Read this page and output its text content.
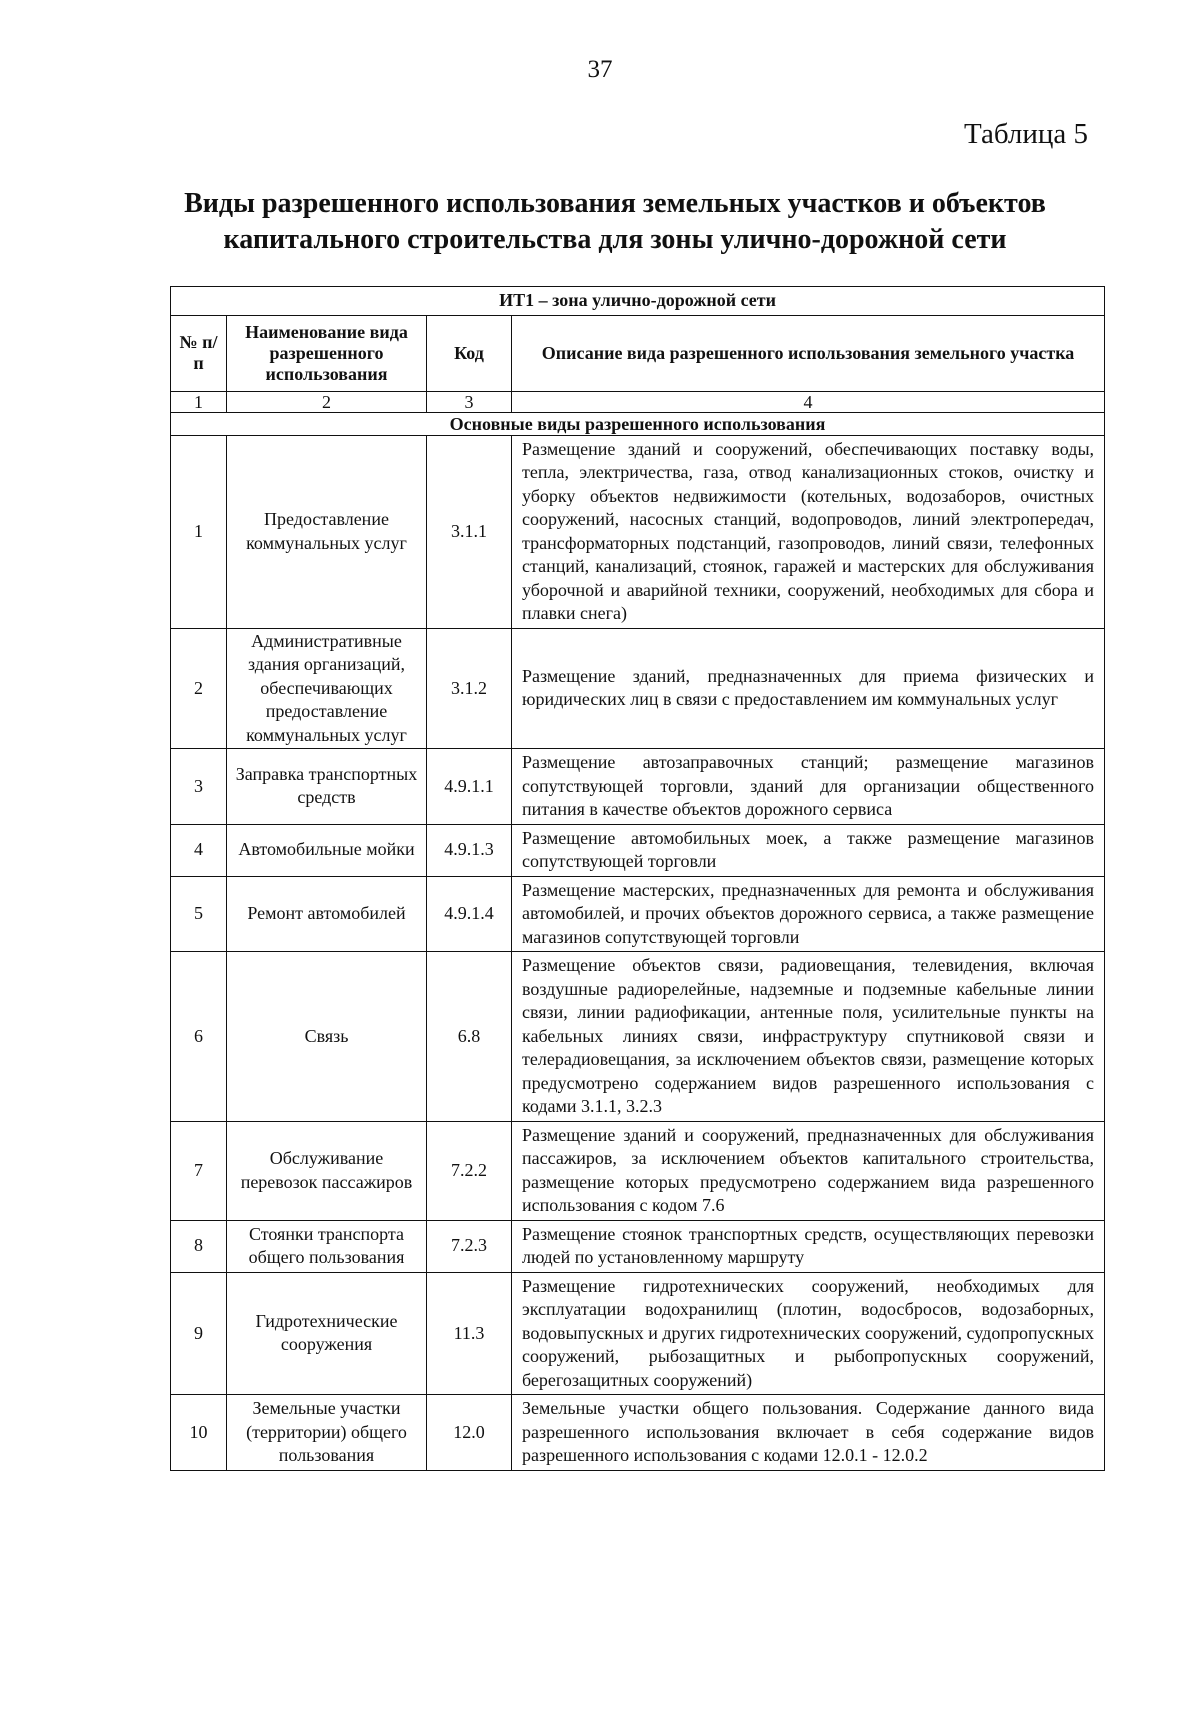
37
Таблица 5
Виды разрешенного использования земельных участков и объектов
капитального строительства для зоны улично-дорожной сети
ИТ1 – зона улично-дорожной сети			
№ п/п	Наименование вида разрешенного использования	Код	Описание вида разрешенного использования земельного участка
1	2	3	4
Основные виды разрешенного использования			
1	Предоставление коммунальных услуг	3.1.1	Размещение зданий и сооружений, обеспечивающих поставку воды, тепла, электричества, газа, отвод канализационных стоков, очистку и уборку объектов недвижимости (котельных, водозаборов, очистных сооружений, насосных станций, водопроводов, линий электропередач, трансформаторных подстанций, газопроводов, линий связи, телефонных станций, канализаций, стоянок, гаражей и мастерских для обслуживания уборочной и аварийной техники, сооружений, необходимых для сбора и плавки снега)
2	Административные здания организаций, обеспечивающих предоставление коммунальных услуг	3.1.2	Размещение зданий, предназначенных для приема физических и юридических лиц в связи с предоставлением им коммунальных услуг
3	Заправка транспортных средств	4.9.1.1	Размещение автозаправочных станций; размещение магазинов сопутствующей торговли, зданий для организации общественного питания в качестве объектов дорожного сервиса
4	Автомобильные мойки	4.9.1.3	Размещение автомобильных моек, а также размещение магазинов сопутствующей торговли
5	Ремонт автомобилей	4.9.1.4	Размещение мастерских, предназначенных для ремонта и обслуживания автомобилей, и прочих объектов дорожного сервиса, а также размещение магазинов сопутствующей торговли
6	Связь	6.8	Размещение объектов связи, радиовещания, телевидения, включая воздушные радиорелейные, надземные и подземные кабельные линии связи, линии радиофикации, антенные поля, усилительные пункты на кабельных линиях связи, инфраструктуру спутниковой связи и телерадиовещания, за исключением объектов связи, размещение которых предусмотрено содержанием видов разрешенного использования с кодами 3.1.1, 3.2.3
7	Обслуживание перевозок пассажиров	7.2.2	Размещение зданий и сооружений, предназначенных для обслуживания пассажиров, за исключением объектов капитального строительства, размещение которых предусмотрено содержанием вида разрешенного использования с кодом 7.6
8	Стоянки транспорта общего пользования	7.2.3	Размещение стоянок транспортных средств, осуществляющих перевозки людей по установленному маршруту
9	Гидротехнические сооружения	11.3	Размещение гидротехнических сооружений, необходимых для эксплуатации водохранилищ (плотин, водосбросов, водозаборных, водовыпускных и других гидротехнических сооружений, судопропускных сооружений, рыбозащитных и рыбопропускных сооружений, берегозащитных сооружений)
10	Земельные участки (территории) общего пользования	12.0	Земельные участки общего пользования. Содержание данного вида разрешенного использования включает в себя содержание видов разрешенного использования с кодами 12.0.1 - 12.0.2
